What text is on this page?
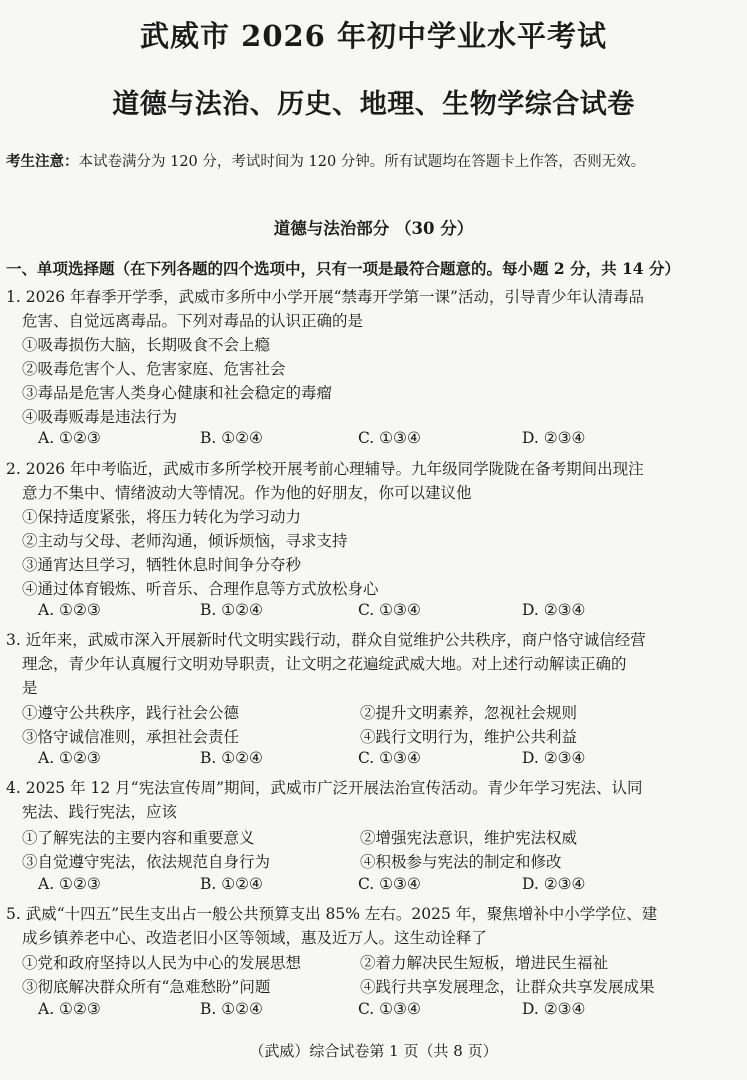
武威市 2026 年初中学业水平考试
道德与法治、历史、地理、生物学综合试卷
考生注意：本试卷满分为 120 分，考试时间为 120 分钟。所有试题均在答题卡上作答，否则无效。
道德与法治部分 （30 分）
一、单项选择题（在下列各题的四个选项中，只有一项是最符合题意的。每小题 2 分，共 14 分）
1. 2026 年春季开学季，武威市多所中小学开展“禁毒开学第一课”活动，引导青少年认清毒品
危害、自觉远离毒品。下列对毒品的认识正确的是
①吸毒损伤大脑，长期吸食不会上瘾
②吸毒危害个人、危害家庭、危害社会
③毒品是危害人类身心健康和社会稳定的毒瘤
④吸毒贩毒是违法行为
A. ①②③	B. ①②④	C. ①③④	D. ②③④
2. 2026 年中考临近，武威市多所学校开展考前心理辅导。九年级同学陇陇在备考期间出现注
意力不集中、情绪波动大等情况。作为他的好朋友，你可以建议他
①保持适度紧张，将压力转化为学习动力
②主动与父母、老师沟通，倾诉烦恼，寻求支持
③通宵达旦学习，牺牲休息时间争分夺秒
④通过体育锻炼、听音乐、合理作息等方式放松身心
A. ①②③	B. ①②④	C. ①③④	D. ②③④
3. 近年来，武威市深入开展新时代文明实践行动，群众自觉维护公共秩序，商户恪守诚信经营
理念，青少年认真履行文明劝导职责，让文明之花遍绽武威大地。对上述行动解读正确的
是
①遵守公共秩序，践行社会公德	②提升文明素养，忽视社会规则
③恪守诚信准则，承担社会责任	④践行文明行为，维护公共利益
A. ①②③	B. ①②④	C. ①③④	D. ②③④
4. 2025 年 12 月“宪法宣传周”期间，武威市广泛开展法治宣传活动。青少年学习宪法、认同
宪法、践行宪法，应该
①了解宪法的主要内容和重要意义	②增强宪法意识，维护宪法权威
③自觉遵守宪法，依法规范自身行为	④积极参与宪法的制定和修改
A. ①②③	B. ①②④	C. ①③④	D. ②③④
5. 武威“十四五”民生支出占一般公共预算支出 85% 左右。2025 年，聚焦增补中小学学位、建
成乡镇养老中心、改造老旧小区等领域，惠及近万人。这生动诠释了
①党和政府坚持以人民为中心的发展思想	②着力解决民生短板，增进民生福祉
③彻底解决群众所有“急难愁盼”问题	④践行共享发展理念，让群众共享发展成果
A. ①②③	B. ①②④	C. ①③④	D. ②③④
（武威）综合试卷第 1 页（共 8 页）
